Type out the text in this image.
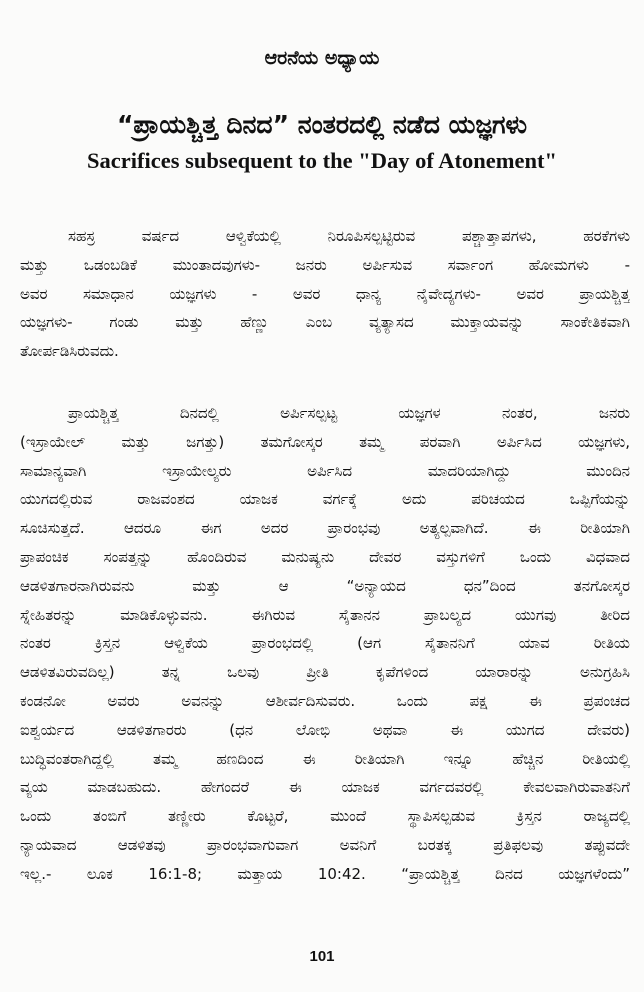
ಆರನೆಯ ಅಧ್ಯಾಯ
“ಪ್ರಾಯಶ್ಚಿತ್ತ ದಿನದ” ನಂತರದಲ್ಲಿ ನಡೆದ ಯಜ್ಞಗಳು
Sacrifices subsequent to the "Day of Atonement"
ಸಹಸ್ರ ವರ್ಷದ ಆಳ್ವಿಕೆಯಲ್ಲಿ ನಿರೂಪಿಸಲ್ಪಟ್ಟಿರುವ ಪಶ್ಚಾತ್ತಾಪಗಳು, ಹರಕೆಗಳು
ಮತ್ತು ಒಡಂಬಡಿಕೆ ಮುಂತಾದವುಗಳು- ಜನರು ಅರ್ಪಿಸುವ ಸರ್ವಾಂಗ ಹೋಮಗಳು -
ಅವರ ಸಮಾಧಾನ ಯಜ್ಞಗಳು - ಅವರ ಧಾನ್ಯ ನೈವೇದ್ಯಗಳು- ಅವರ ಪ್ರಾಯಶ್ಚಿತ್ತ
ಯಜ್ಞಗಳು- ಗಂಡು ಮತ್ತು ಹೆಣ್ಣು ಎಂಬ ವ್ಯತ್ಯಾಸದ ಮುಕ್ತಾಯವನ್ನು ಸಾಂಕೇತಿಕವಾಗಿ
ತೋರ್ಪಡಿಸಿರುವದು.
ಪ್ರಾಯಶ್ಚಿತ್ತ ದಿನದಲ್ಲಿ ಅರ್ಪಿಸಲ್ಪಟ್ಟ ಯಜ್ಞಗಳ ನಂತರ, ಜನರು
(ಇಸ್ರಾಯೇಲ್ ಮತ್ತು ಜಗತ್ತು) ತಮಗೋಸ್ಕರ ತಮ್ಮ ಪರವಾಗಿ ಅರ್ಪಿಸಿದ ಯಜ್ಞಗಳು,
ಸಾಮಾನ್ಯವಾಗಿ ಇಸ್ರಾಯೇಲ್ಯರು ಅರ್ಪಿಸಿದ ಮಾದರಿಯಾಗಿದ್ದು ಮುಂದಿನ
ಯುಗದಲ್ಲಿರುವ ರಾಜವಂಶದ ಯಾಜಕ ವರ್ಗಕ್ಕೆ ಅದು ಪರಿಚಯದ ಒಪ್ಪಿಗೆಯನ್ನು
ಸೂಚಿಸುತ್ತದೆ. ಆದರೂ ಈಗ ಅದರ ಪ್ರಾರಂಭವು ಅತ್ಯಲ್ಪವಾಗಿದೆ. ಈ ರೀತಿಯಾಗಿ
ಪ್ರಾಪಂಚಿಕ ಸಂಪತ್ತನ್ನು ಹೊಂದಿರುವ ಮನುಷ್ಯನು ದೇವರ ವಸ್ತುಗಳಿಗೆ ಒಂದು ವಿಧವಾದ
ಆಡಳಿತಗಾರನಾಗಿರುವನು ಮತ್ತು ಆ “ಅನ್ಯಾಯದ ಧನ”ದಿಂದ ತನಗೋಸ್ಕರ
ಸ್ನೇಹಿತರನ್ನು ಮಾಡಿಕೊಳ್ಳುವನು. ಈಗಿರುವ ಸೈತಾನನ ಪ್ರಾಬಲ್ಯದ ಯುಗವು ತೀರಿದ
ನಂತರ ಕ್ರಿಸ್ತನ ಆಳ್ವಿಕೆಯ ಪ್ರಾರಂಭದಲ್ಲಿ (ಆಗ ಸೈತಾನನಿಗೆ ಯಾವ ರೀತಿಯ
ಆಡಳಿತವಿರುವದಿಲ್ಲ) ತನ್ನ ಒಲವು ಪ್ರೀತಿ ಕೃಪೆಗಳಿಂದ ಯಾರಾರನ್ನು ಅನುಗ್ರಹಿಸಿ
ಕಂಡನೋ ಅವರು ಅವನನ್ನು ಆಶೀರ್ವದಿಸುವರು. ಒಂದು ಪಕ್ಷ ಈ ಪ್ರಪಂಚದ
ಐಶ್ವರ್ಯದ ಆಡಳಿತಗಾರರು (ಧನ ಲೋಭಿ ಅಥವಾ ಈ ಯುಗದ ದೇವರು)
ಬುದ್ಧಿವಂತರಾಗಿದ್ದಲ್ಲಿ ತಮ್ಮ ಹಣದಿಂದ ಈ ರೀತಿಯಾಗಿ ಇನ್ನೂ ಹೆಚ್ಚಿನ ರೀತಿಯಲ್ಲಿ
ವ್ಯಯ ಮಾಡಬಹುದು. ಹೇಗಂದರೆ ಈ ಯಾಜಕ ವರ್ಗದವರಲ್ಲಿ ಕೇವಲವಾಗಿರುವಾತನಿಗೆ
ಒಂದು ತಂಬಿಗೆ ತಣ್ಣೀರು ಕೊಟ್ಟರೆ, ಮುಂದೆ ಸ್ಥಾಪಿಸಲ್ಪಡುವ ಕ್ರಿಸ್ತನ ರಾಜ್ಯದಲ್ಲಿ
ನ್ಯಾಯವಾದ ಆಡಳಿತವು ಪ್ರಾರಂಭವಾಗುವಾಗ ಅವನಿಗೆ ಬರತಕ್ಕ ಪ್ರತಿಫಲವು ತಪ್ಪುವದೇ
ಇಲ್ಲ.- ಲೂಕ 16:1-8; ಮತ್ತಾಯ 10:42. “ಪ್ರಾಯಶ್ಚಿತ್ತ ದಿನದ ಯಜ್ಞಗಳೆಂದು”
101
